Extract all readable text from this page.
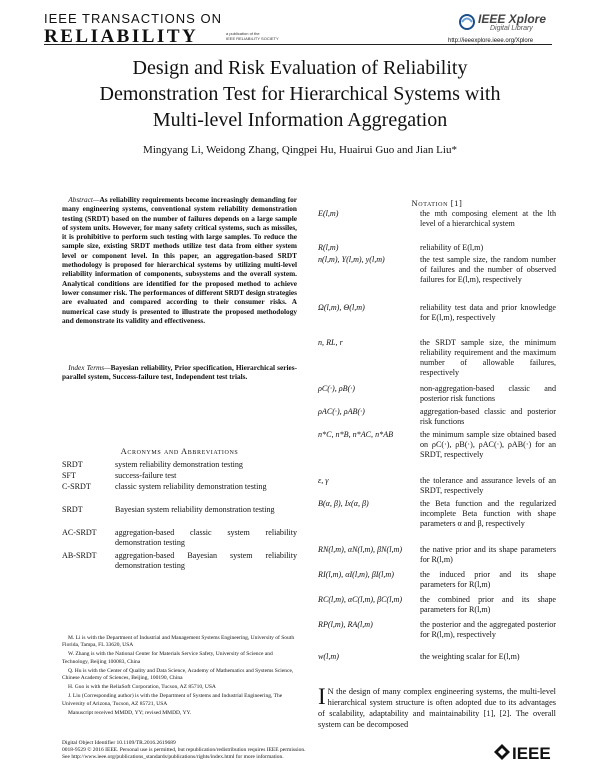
IEEE TRANSACTIONS ON
RELIABILITY	a publication of the
IEEE RELIABILITY SOCIETY
IEEE Xplore
Digital Library
http://ieeexplore.ieee.org/Xplore
Design and Risk Evaluation of Reliability
Demonstration Test for Hierarchical Systems with
Multi-level Information Aggregation
Mingyang Li, Weidong Zhang, Qingpei Hu, Huairui Guo and Jian Liu*
Abstract—As reliability requirements become increasingly demanding for many engineering systems, conventional system reliability demonstration testing (SRDT) based on the number of failures depends on a large sample of system units. However, for many safety critical systems, such as missiles, it is prohibitive to perform such testing with large samples. To reduce the sample size, existing SRDT methods utilize test data from either system level or component level. In this paper, an aggregation-based SRDT methodology is proposed for hierarchical systems by utilizing multi-level reliability information of components, subsystems and the overall system. Analytical conditions are identified for the proposed method to achieve lower consumer risk. The performances of different SRDT design strategies are evaluated and compared according to their consumer risks. A numerical case study is presented to illustrate the proposed methodology and demonstrate its validity and effectiveness.
Index Terms—Bayesian reliability, Prior specification, Hierarchical series-parallel system, Success-failure test, Independent test trials.
Acronyms and Abbreviations
SRDT	system reliability demonstration testing
SFT	success-failure test
C-SRDT	classic system reliability demonstration testing
SRDT	Bayesian system reliability demonstration testing
AC-SRDT	aggregation-based classic system reliability demonstration testing
AB-SRDT	aggregation-based Bayesian system reliability demonstration testing

M. Li is with the Department of Industrial and Management Systems Engineering, University of South Florida, Tampa, FL 33620, USA

W. Zhang is with the National Center for Materials Service Safety, University of Science and Technology, Beijing 100083, China

Q. Hu is with the Center of Quality and Data Science, Academy of Mathematics and Systems Science, Chinese Academy of Sciences, Beijing, 100190, China

H. Guo is with the ReliaSoft Corporation, Tucson, AZ 85710, USA

J. Liu (Corresponding author) is with the Department of Systems and Industrial Engineering, The University of Arizona, Tucson, AZ 85721, USA

Manuscript received MMDD, YY; revised MMDD, YY.

Notation [1]
E(l,m)	the mth composing element at the lth level of a hierarchical system
R(l,m)	reliability of E(l,m)
n(l,m), Y(l,m), y(l,m)	the test sample size, the random number of failures and the number of observed failures for E(l,m), respectively
Ω(l,m), Θ(l,m)	reliability test data and prior knowledge for E(l,m), respectively
n, RL, r	the SRDT sample size, the minimum reliability requirement and the maximum number of allowable failures, respectively
ρC(·), ρB(·)	non-aggregation-based classic and posterior risk functions
ρAC(·), ρAB(·)	aggregation-based classic and posterior risk functions
n*C, n*B, n*AC, n*AB	the minimum sample size obtained based on ρC(·), ρB(·), ρAC(·), ρAB(·) for an SRDT, respectively
ε, γ	the tolerance and assurance levels of an SRDT, respectively
B(α, β), Ix(α, β)	the Beta function and the regularized incomplete Beta function with shape parameters α and β, respectively
RN(l,m), αN(l,m), βN(l,m)	the native prior and its shape parameters for R(l,m)
RI(l,m), αI(l,m), βI(l,m)	the induced prior and its shape parameters for R(l,m)
RC(l,m), αC(l,m), βC(l,m)	the combined prior and its shape parameters for R(l,m)
RP(l,m), RA(l,m)	the posterior and the aggregated posterior for R(l,m), respectively
w(l,m)	the weighting scalar for E(l,m)
I N the design of many complex engineering systems, the multi-level hierarchical system structure is often adopted due to its advantages of scalability, adaptability and maintainability [1], [2]. The overall system can be decomposed
Digital Object Identifier 10.1109/TR.2016.2619689
0018-9529 © 2016 IEEE. Personal use is permitted, but republication/redistribution requires IEEE permission.
See http://www.ieee.org/publications_standards/publications/rights/index.html for more information.	IEEE
